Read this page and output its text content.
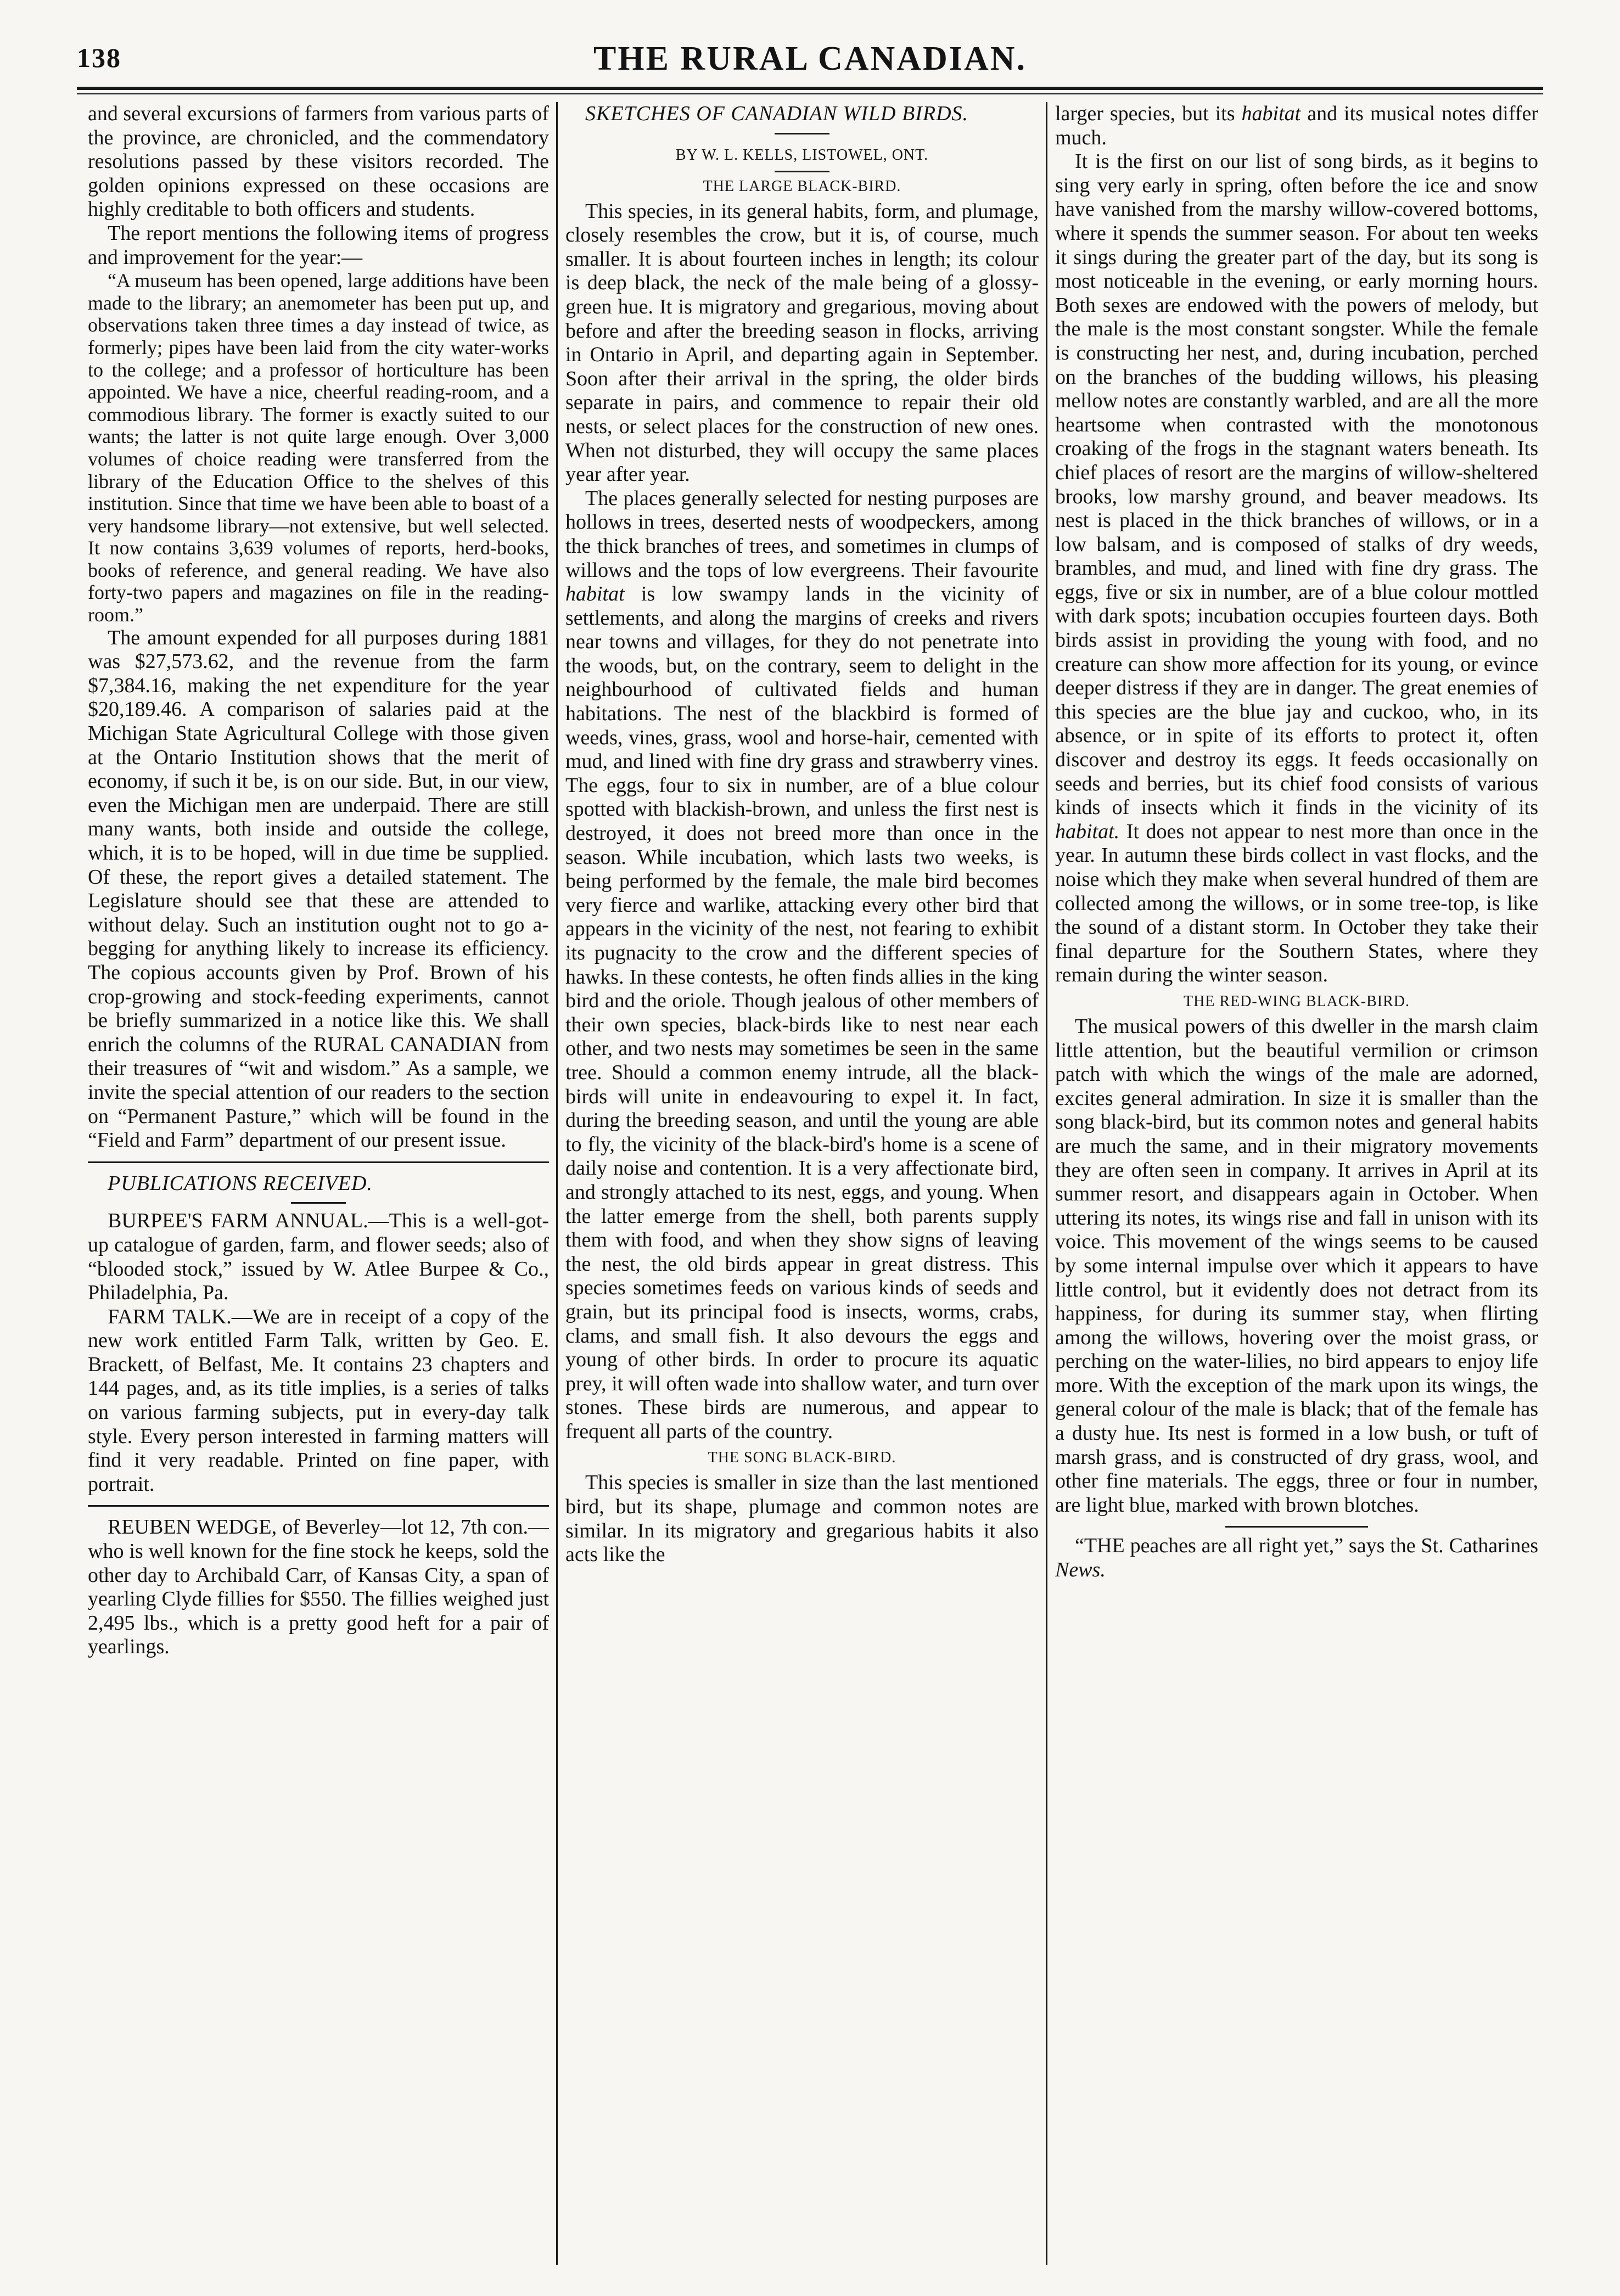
138	THE RURAL CANADIAN.

and several excursions of farmers from various parts of the province, are chronicled, and the commendatory resolutions passed by these visitors recorded. The golden opinions expressed on these occasions are highly creditable to both officers and students.

The report mentions the following items of progress and improvement for the year:—

“A museum has been opened, large additions have been made to the library; an anemometer has been put up, and observations taken three times a day instead of twice, as formerly; pipes have been laid from the city water-works to the college; and a professor of horticulture has been appointed. We have a nice, cheerful reading-room, and a commodious library. The former is exactly suited to our wants; the latter is not quite large enough. Over 3,000 volumes of choice reading were transferred from the library of the Education Office to the shelves of this institution. Since that time we have been able to boast of a very handsome library—not extensive, but well selected. It now contains 3,639 volumes of reports, herd-books, books of reference, and general reading. We have also forty-two papers and magazines on file in the reading-room.”

The amount expended for all purposes during 1881 was $27,573.62, and the revenue from the farm $7,384.16, making the net expenditure for the year $20,189.46. A comparison of salaries paid at the Michigan State Agricultural College with those given at the Ontario Institution shows that the merit of economy, if such it be, is on our side. But, in our view, even the Michigan men are underpaid. There are still many wants, both inside and outside the college, which, it is to be hoped, will in due time be supplied. Of these, the report gives a detailed statement. The Legislature should see that these are attended to without delay. Such an institution ought not to go a-begging for anything likely to increase its efficiency. The copious accounts given by Prof. Brown of his crop-growing and stock-feeding experiments, cannot be briefly summarized in a notice like this. We shall enrich the columns of the RURAL CANADIAN from their treasures of “wit and wisdom.” As a sample, we invite the special attention of our readers to the section on “Permanent Pasture,” which will be found in the “Field and Farm” department of our present issue.

PUBLICATIONS RECEIVED.

BURPEE'S FARM ANNUAL.—This is a well-got-up catalogue of garden, farm, and flower seeds; also of “blooded stock,” issued by W. Atlee Burpee & Co., Philadelphia, Pa.

FARM TALK.—We are in receipt of a copy of the new work entitled Farm Talk, written by Geo. E. Brackett, of Belfast, Me. It contains 23 chapters and 144 pages, and, as its title implies, is a series of talks on various farming subjects, put in every-day talk style. Every person interested in farming matters will find it very readable. Printed on fine paper, with portrait.

REUBEN WEDGE, of Beverley—lot 12, 7th con.—who is well known for the fine stock he keeps, sold the other day to Archibald Carr, of Kansas City, a span of yearling Clyde fillies for $550. The fillies weighed just 2,495 lbs., which is a pretty good heft for a pair of yearlings.

SKETCHES OF CANADIAN WILD BIRDS.

BY W. L. KELLS, LISTOWEL, ONT.
THE LARGE BLACK-BIRD.

This species, in its general habits, form, and plumage, closely resembles the crow, but it is, of course, much smaller. It is about fourteen inches in length; its colour is deep black, the neck of the male being of a glossy-green hue. It is migratory and gregarious, moving about before and after the breeding season in flocks, arriving in Ontario in April, and departing again in September. Soon after their arrival in the spring, the older birds separate in pairs, and commence to repair their old nests, or select places for the construction of new ones. When not disturbed, they will occupy the same places year after year.

The places generally selected for nesting purposes are hollows in trees, deserted nests of woodpeckers, among the thick branches of trees, and sometimes in clumps of willows and the tops of low evergreens. Their favourite habitat is low swampy lands in the vicinity of settlements, and along the margins of creeks and rivers near towns and villages, for they do not penetrate into the woods, but, on the contrary, seem to delight in the neighbourhood of cultivated fields and human habitations. The nest of the blackbird is formed of weeds, vines, grass, wool and horse-hair, cemented with mud, and lined with fine dry grass and strawberry vines. The eggs, four to six in number, are of a blue colour spotted with blackish-brown, and unless the first nest is destroyed, it does not breed more than once in the season. While incubation, which lasts two weeks, is being performed by the female, the male bird becomes very fierce and warlike, attacking every other bird that appears in the vicinity of the nest, not fearing to exhibit its pugnacity to the crow and the different species of hawks. In these contests, he often finds allies in the king bird and the oriole. Though jealous of other members of their own species, black-birds like to nest near each other, and two nests may sometimes be seen in the same tree. Should a common enemy intrude, all the black-birds will unite in endeavouring to expel it. In fact, during the breeding season, and until the young are able to fly, the vicinity of the black-bird's home is a scene of daily noise and contention. It is a very affectionate bird, and strongly attached to its nest, eggs, and young. When the latter emerge from the shell, both parents supply them with food, and when they show signs of leaving the nest, the old birds appear in great distress. This species sometimes feeds on various kinds of seeds and grain, but its principal food is insects, worms, crabs, clams, and small fish. It also devours the eggs and young of other birds. In order to procure its aquatic prey, it will often wade into shallow water, and turn over stones. These birds are numerous, and appear to frequent all parts of the country.

THE SONG BLACK-BIRD.

This species is smaller in size than the last mentioned bird, but its shape, plumage and common notes are similar. In its migratory and gregarious habits it also acts like the

larger species, but its habitat and its musical notes differ much.

It is the first on our list of song birds, as it begins to sing very early in spring, often before the ice and snow have vanished from the marshy willow-covered bottoms, where it spends the summer season. For about ten weeks it sings during the greater part of the day, but its song is most noticeable in the evening, or early morning hours. Both sexes are endowed with the powers of melody, but the male is the most constant songster. While the female is constructing her nest, and, during incubation, perched on the branches of the budding willows, his pleasing mellow notes are constantly warbled, and are all the more heartsome when contrasted with the monotonous croaking of the frogs in the stagnant waters beneath. Its chief places of resort are the margins of willow-sheltered brooks, low marshy ground, and beaver meadows. Its nest is placed in the thick branches of willows, or in a low balsam, and is composed of stalks of dry weeds, brambles, and mud, and lined with fine dry grass. The eggs, five or six in number, are of a blue colour mottled with dark spots; incubation occupies fourteen days. Both birds assist in providing the young with food, and no creature can show more affection for its young, or evince deeper distress if they are in danger. The great enemies of this species are the blue jay and cuckoo, who, in its absence, or in spite of its efforts to protect it, often discover and destroy its eggs. It feeds occasionally on seeds and berries, but its chief food consists of various kinds of insects which it finds in the vicinity of its habitat. It does not appear to nest more than once in the year. In autumn these birds collect in vast flocks, and the noise which they make when several hundred of them are collected among the willows, or in some tree-top, is like the sound of a distant storm. In October they take their final departure for the Southern States, where they remain during the winter season.

THE RED-WING BLACK-BIRD.

The musical powers of this dweller in the marsh claim little attention, but the beautiful vermilion or crimson patch with which the wings of the male are adorned, excites general admiration. In size it is smaller than the song black-bird, but its common notes and general habits are much the same, and in their migratory movements they are often seen in company. It arrives in April at its summer resort, and disappears again in October. When uttering its notes, its wings rise and fall in unison with its voice. This movement of the wings seems to be caused by some internal impulse over which it appears to have little control, but it evidently does not detract from its happiness, for during its summer stay, when flirting among the willows, hovering over the moist grass, or perching on the water-lilies, no bird appears to enjoy life more. With the exception of the mark upon its wings, the general colour of the male is black; that of the female has a dusty hue. Its nest is formed in a low bush, or tuft of marsh grass, and is constructed of dry grass, wool, and other fine materials. The eggs, three or four in number, are light blue, marked with brown blotches.

“THE peaches are all right yet,” says the St. Catharines News.
